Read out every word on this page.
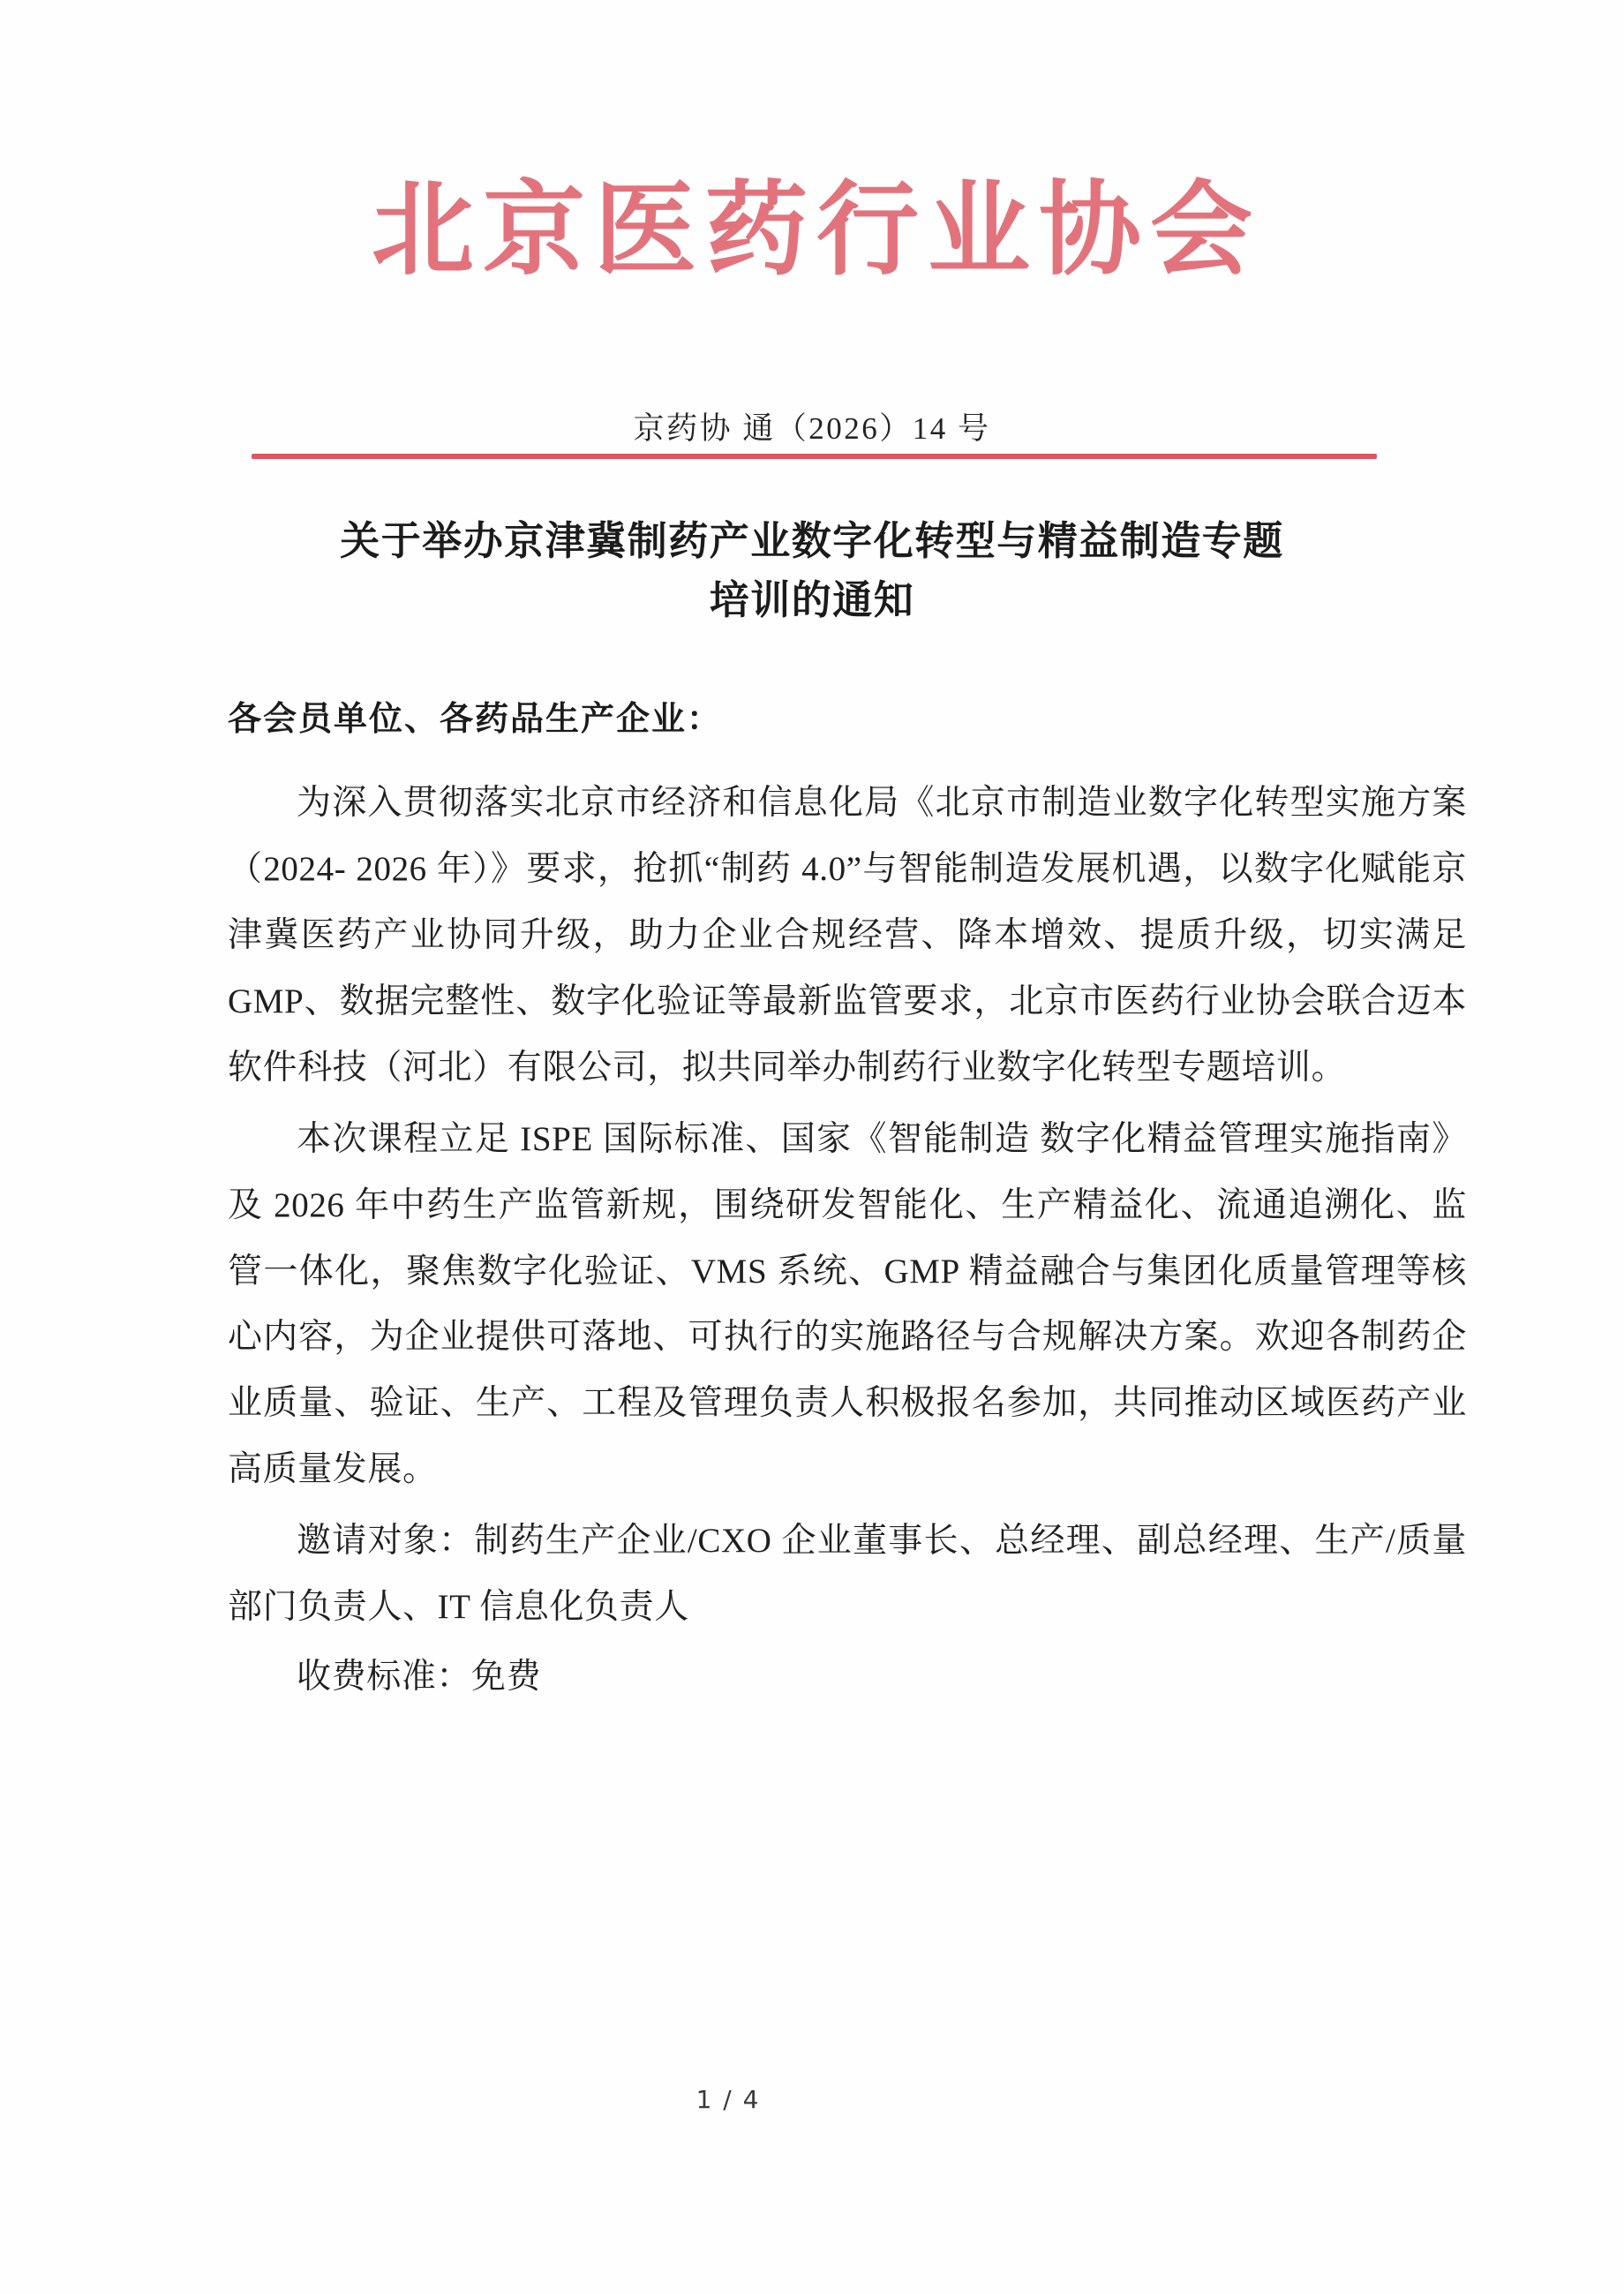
北京医药行业协会
京药协 通（2026）14 号
关于举办京津冀制药产业数字化转型与精益制造专题
培训的通知

各会员单位、各药品生产企业：

为深入贯彻落实北京市经济和信息化局《北京市制造业数字化转型实施方案（2024- 2026 年）》要求，抢抓“制药 4.0”与智能制造发展机遇，以数字化赋能京津冀医药产业协同升级，助力企业合规经营、降本增效、提质升级，切实满足 GMP、数据完整性、数字化验证等最新监管要求，北京市医药行业协会联合迈本软件科技（河北）有限公司，拟共同举办制药行业数字化转型专题培训。

本次课程立足 ISPE 国际标准、国家《智能制造 数字化精益管理实施指南》及 2026 年中药生产监管新规，围绕研发智能化、生产精益化、流通追溯化、监管一体化，聚焦数字化验证、VMS 系统、GMP 精益融合与集团化质量管理等核心内容，为企业提供可落地、可执行的实施路径与合规解决方案。欢迎各制药企业质量、验证、生产、工程及管理负责人积极报名参加，共同推动区域医药产业高质量发展。

邀请对象：制药生产企业/CXO 企业董事长、总经理、副总经理、生产/质量部门负责人、IT 信息化负责人

收费标准：免费

1 / 4
